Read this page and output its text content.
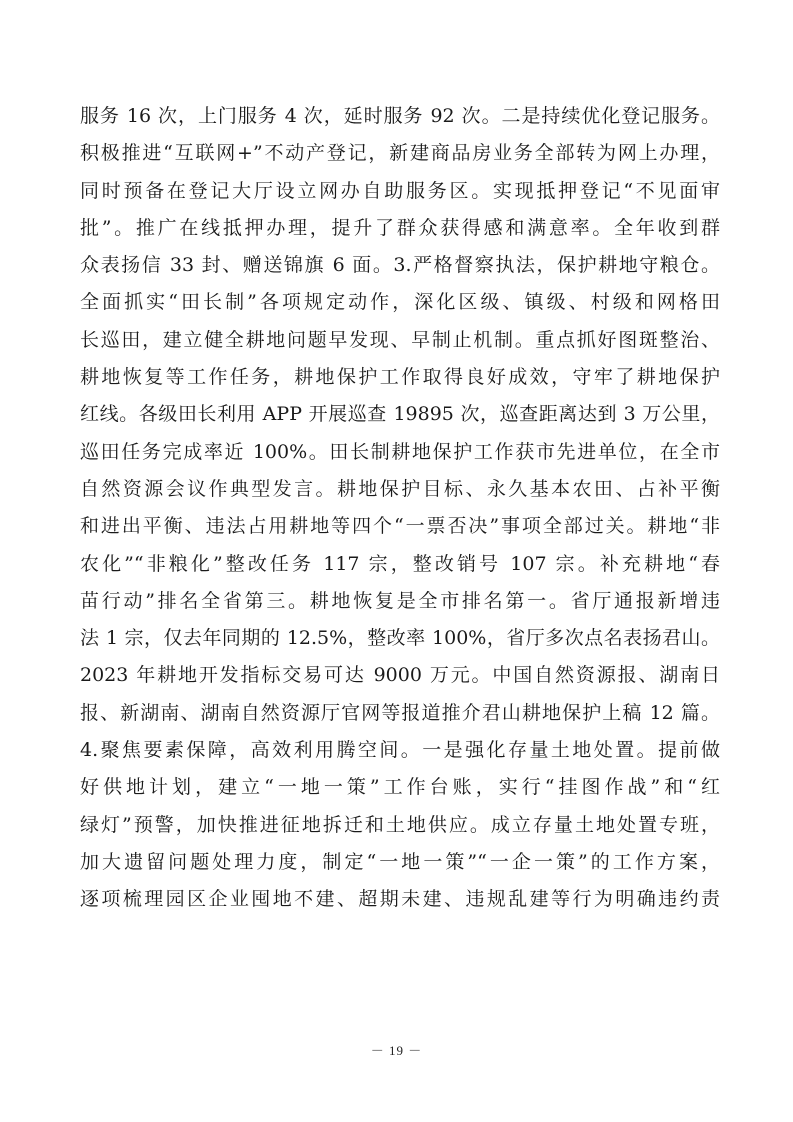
服务 16 次，上门服务 4 次，延时服务 92 次。二是持续优化登记服务。
积极推进“互联网+”不动产登记，新建商品房业务全部转为网上办理，
同时预备在登记大厅设立网办自助服务区。实现抵押登记“不见面审
批”。推广在线抵押办理，提升了群众获得感和满意率。全年收到群
众表扬信 33 封、赠送锦旗 6 面。3.严格督察执法，保护耕地守粮仓。
全面抓实“田长制”各项规定动作，深化区级、镇级、村级和网格田
长巡田，建立健全耕地问题早发现、早制止机制。重点抓好图斑整治、
耕地恢复等工作任务，耕地保护工作取得良好成效，守牢了耕地保护
红线。各级田长利用 APP 开展巡查 19895 次，巡查距离达到 3 万公里，
巡田任务完成率近 100%。田长制耕地保护工作获市先进单位，在全市
自然资源会议作典型发言。耕地保护目标、永久基本农田、占补平衡
和进出平衡、违法占用耕地等四个“一票否决”事项全部过关。耕地“非
农化”“非粮化”整改任务 117 宗，整改销号 107 宗。补充耕地“春
苗行动”排名全省第三。耕地恢复是全市排名第一。省厅通报新增违
法 1 宗，仅去年同期的 12.5%，整改率 100%，省厅多次点名表扬君山。
2023 年耕地开发指标交易可达 9000 万元。中国自然资源报、湖南日
报、新湖南、湖南自然资源厅官网等报道推介君山耕地保护上稿 12 篇。
4.聚焦要素保障，高效利用腾空间。一是强化存量土地处置。提前做
好供地计划，建立“一地一策”工作台账，实行“挂图作战”和“红
绿灯”预警，加快推进征地拆迁和土地供应。成立存量土地处置专班，
加大遗留问题处理力度，制定“一地一策”“一企一策”的工作方案，
逐项梳理园区企业囤地不建、超期未建、违规乱建等行为明确违约责
－ 19 －
